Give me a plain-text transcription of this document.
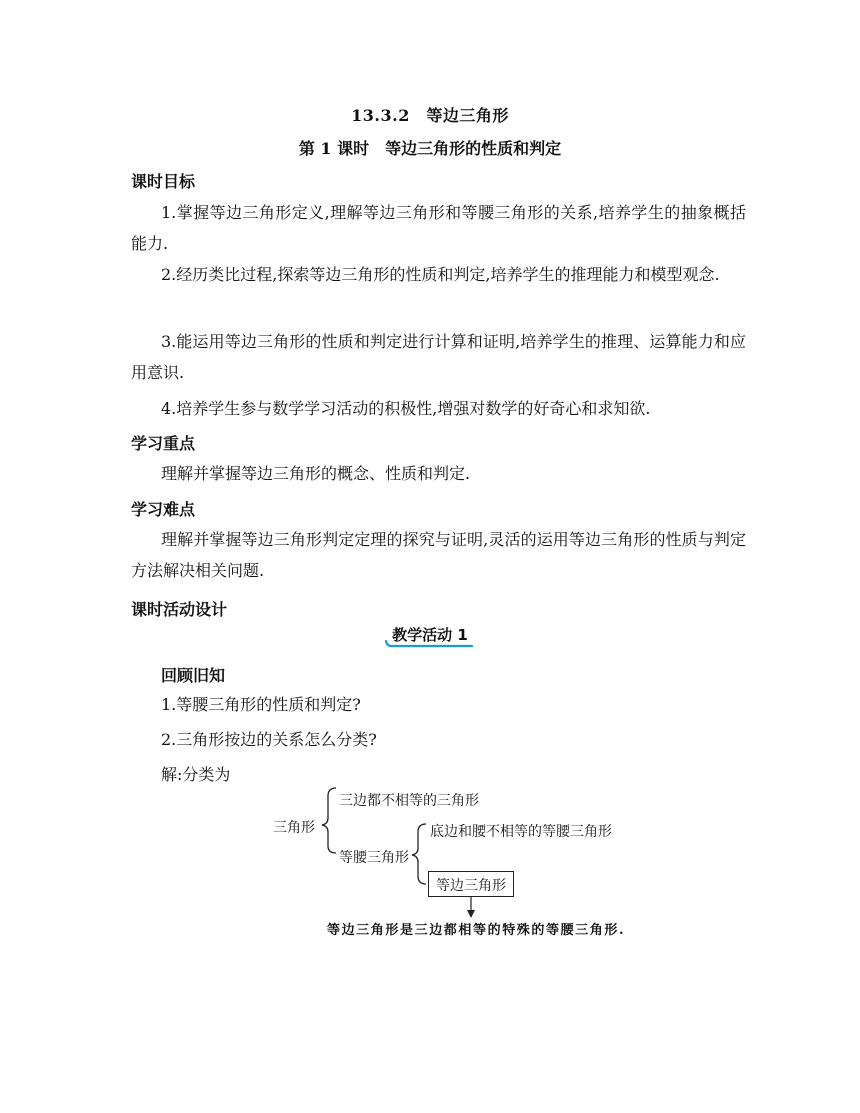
13.3.2　等边三角形
第 1 课时　等边三角形的性质和判定
课时目标
1.掌握等边三角形定义,理解等边三角形和等腰三角形的关系,培养学生的抽象概括能力.
2.经历类比过程,探索等边三角形的性质和判定,培养学生的推理能力和模型观念.
3.能运用等边三角形的性质和判定进行计算和证明,培养学生的推理、运算能力和应用意识.
4.培养学生参与数学学习活动的积极性,增强对数学的好奇心和求知欲.
学习重点
理解并掌握等边三角形的概念、性质和判定.
学习难点
理解并掌握等边三角形判定定理的探究与证明,灵活的运用等边三角形的性质与判定方法解决相关问题.
课时活动设计
教学活动 1
回顾旧知
1.等腰三角形的性质和判定?
2.三角形按边的关系怎么分类?
解:分类为
三角形
三边都不相等的三角形
等腰三角形
底边和腰不相等的等腰三角形
等边三角形
等边三角形是三边都相等的特殊的等腰三角形.
